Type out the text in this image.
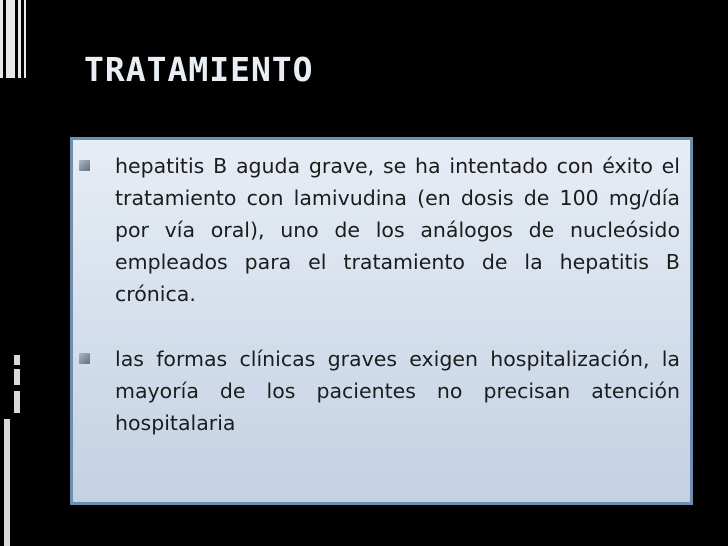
TRATAMIENTO
hepatitis B aguda grave, se ha intentado con éxito el tratamiento con lamivudina (en dosis de 100 mg/día por vía oral), uno de los análogos de nucleósido empleados para el tratamiento de la hepatitis B crónica.
las formas clínicas graves exigen hospitalización, la mayoría de los pacientes no precisan atención hospitalaria
